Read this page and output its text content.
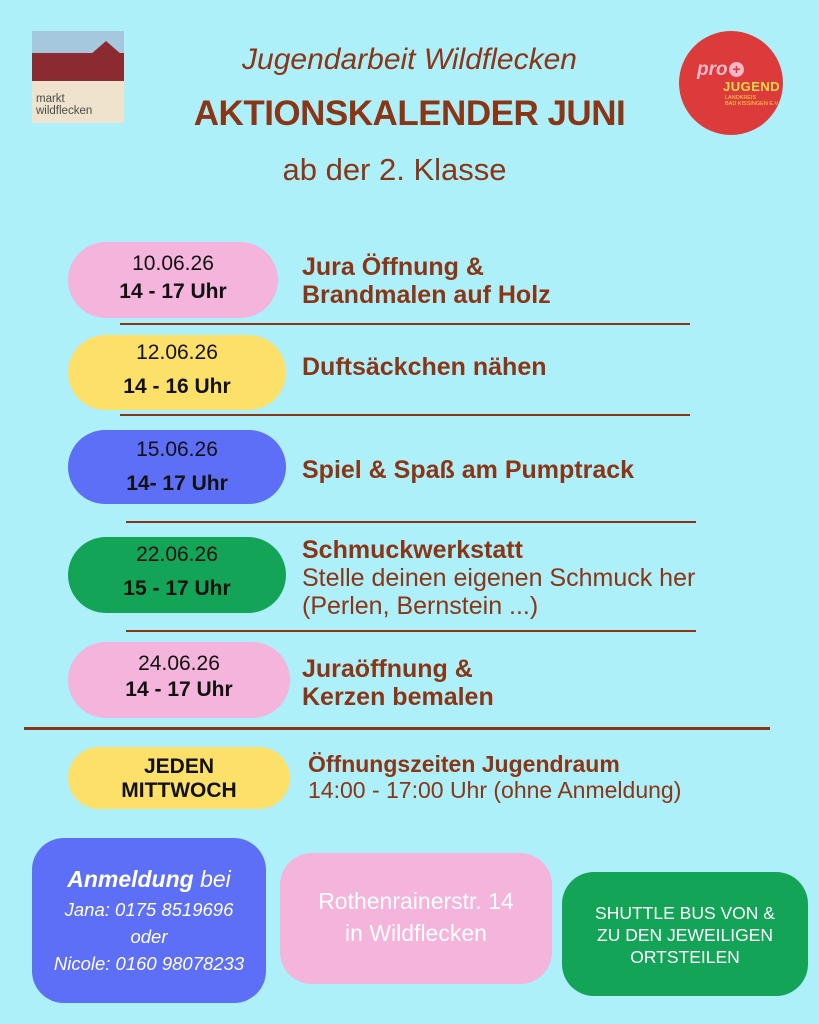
markt
wildflecken
pro +
JUGEND
LANDKREIS
BAD KISSINGEN E.V.
Jugendarbeit Wildflecken
AKTIONSKALENDER JUNI
ab der 2. Klasse
10.06.26
14 - 17 Uhr
Jura Öffnung &
Brandmalen auf Holz
12.06.26
14 - 16 Uhr
Duftsäckchen nähen
15.06.26
14- 17 Uhr	Spiel & Spaß am Pumptrack
22.06.26
15 - 17 Uhr
Schmuckwerkstatt
Stelle deinen eigenen Schmuck her
(Perlen, Bernstein ...)
24.06.26
14 - 17 Uhr
Juraöffnung &
Kerzen bemalen
JEDEN
MITTWOCH
Öffnungszeiten Jugendraum
14:00 - 17:00 Uhr (ohne Anmeldung)
Anmeldung bei
Jana: 0175 8519696
oder
Nicole: 0160 98078233
Rothenrainerstr. 14
in Wildflecken
SHUTTLE BUS VON &
ZU DEN JEWEILIGEN
ORTSTEILEN
